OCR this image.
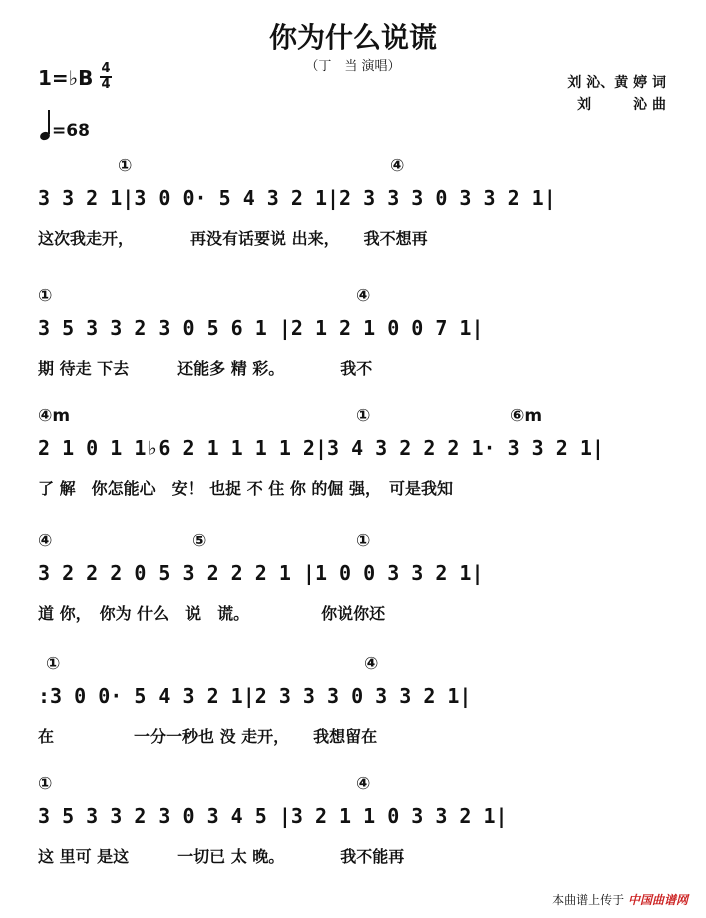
你为什么说谎
（丁　当 演唱）
刘 沁、黄 婷 词
刘　　　沁 曲
1=♭B 4
4
=68
①	④
3 3 2 1|3 0 0· 5 4 3 2 1|2 3 3 3 0 3 3 2 1|
这次我走开，　　　　再没有话要说 出来，　　我不想再
①	④
3 5 3 3 2 3 0 5 6 1 |2 1 2 1 0 0 7 1|
期 待走 下去　　　还能多 精 彩。　　　　我不
④m	①	⑥m
2 1 0 1 1♭6 2 1 1 1 1 2|3 4 3 2 2 2 1· 3 3 2 1|
了 解　你怎能心　安！ 也捉 不 住 你 的倔 强，　可是我知
④	⑤	①
3 2 2 2 0 5 3 2 2 2 1 |1 0 0 3 3 2 1|
道 你，　你为 什么　说　谎。　　　　　你说你还
①	④
:3 0 0· 5 4 3 2 1|2 3 3 3 0 3 3 2 1|
在　　　　　一分一秒也 没 走开，　　我想留在
①	④
3 5 3 3 2 3 0 3 4 5 |3 2 1 1 0 3 3 2 1|
这 里可 是这　　　一切已 太 晚。　　　　我不能再
本曲谱上传于 中国曲谱网
